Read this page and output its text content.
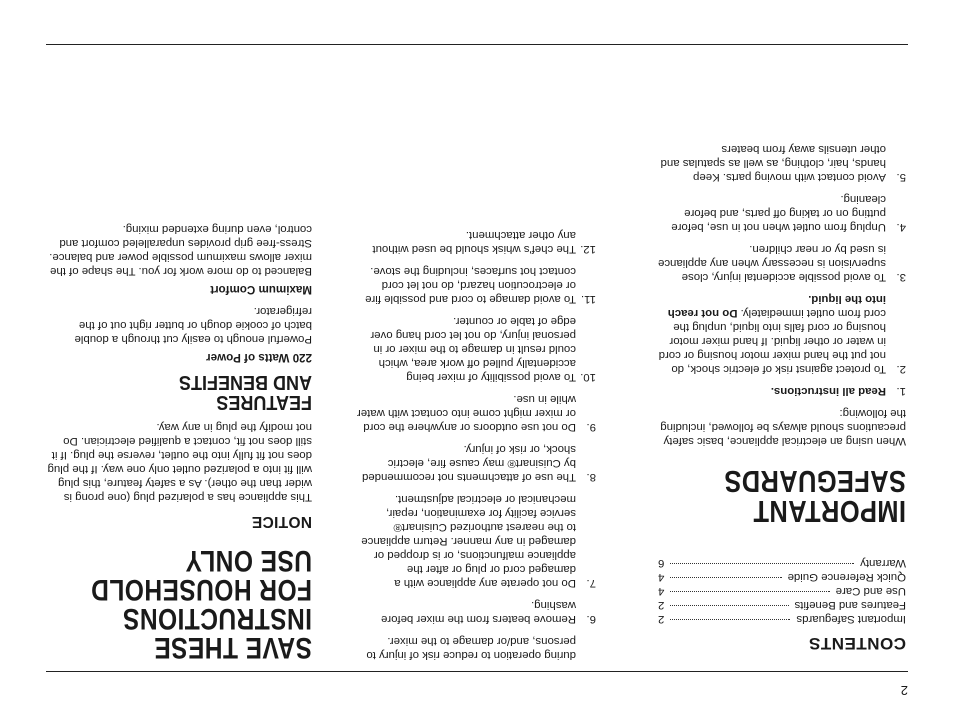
2
CONTENTS
Important Safeguards
2
Features and Benefits
2
Use and Care
4
Quick Reference Guide
4
Warranty
6
IMPORTANT
SAFEGUARDS

When using an electrical appliance, basic safety precautions should always be followed, including the following:

1.
Read all instructions.
2.
To protect against risk of electric shock, do not put the hand mixer motor housing or cord in water or other liquid. If hand mixer motor housing or cord falls into liquid, unplug the cord from outlet immediately. Do not reach into the liquid.
3.
To avoid possible accidental injury, close supervision is necessary when any appliance is used by or near children.
4.
Unplug from outlet when not in use, before putting on or taking off parts, and before cleaning.
5.
Avoid contact with moving parts. Keep hands, hair, clothing, as well as spatulas and other utensils away from beaters

during operation to reduce risk of injury to persons, and/or damage to the mixer.

6.
Remove beaters from the mixer before washing.
7.
Do not operate any appliance with a damaged cord or plug or after the appliance malfunctions, or is dropped or damaged in any manner. Return appliance to the nearest authorized Cuisinart® service facility for examination, repair, mechanical or electrical adjustment.
8.
The use of attachments not recommended by Cuisinart® may cause fire, electric shock, or risk of injury.
9.
Do not use outdoors or anywhere the cord or mixer might come into contact with water while in use.
10.
To avoid possibility of mixer being accidentally pulled off work area, which could result in damage to the mixer or in personal injury, do not let cord hang over edge of table or counter.
11.
To avoid damage to cord and possible fire or electrocution hazard, do not let cord contact hot surfaces, including the stove.
12.
The chef's whisk should be used without any other attachment.
SAVE THESE
INSTRUCTIONS
FOR HOUSEHOLD
USE ONLY
NOTICE

This appliance has a polarized plug (one prong is wider than the other). As a safety feature, this plug will fit into a polarized outlet only one way. If the plug does not fit fully into the outlet, reverse the plug. If it still does not fit, contact a qualified electrician. Do not modify the plug in any way.

FEATURES
AND BENEFITS
220 Watts of Power

Powerful enough to easily cut through a double batch of cookie dough or butter right out of the refrigerator.

Maximum Comfort

Balanced to do more work for you. The shape of the mixer allows maximum possible power and balance. Stress-free grip provides unparalleled comfort and control, even during extended mixing.
